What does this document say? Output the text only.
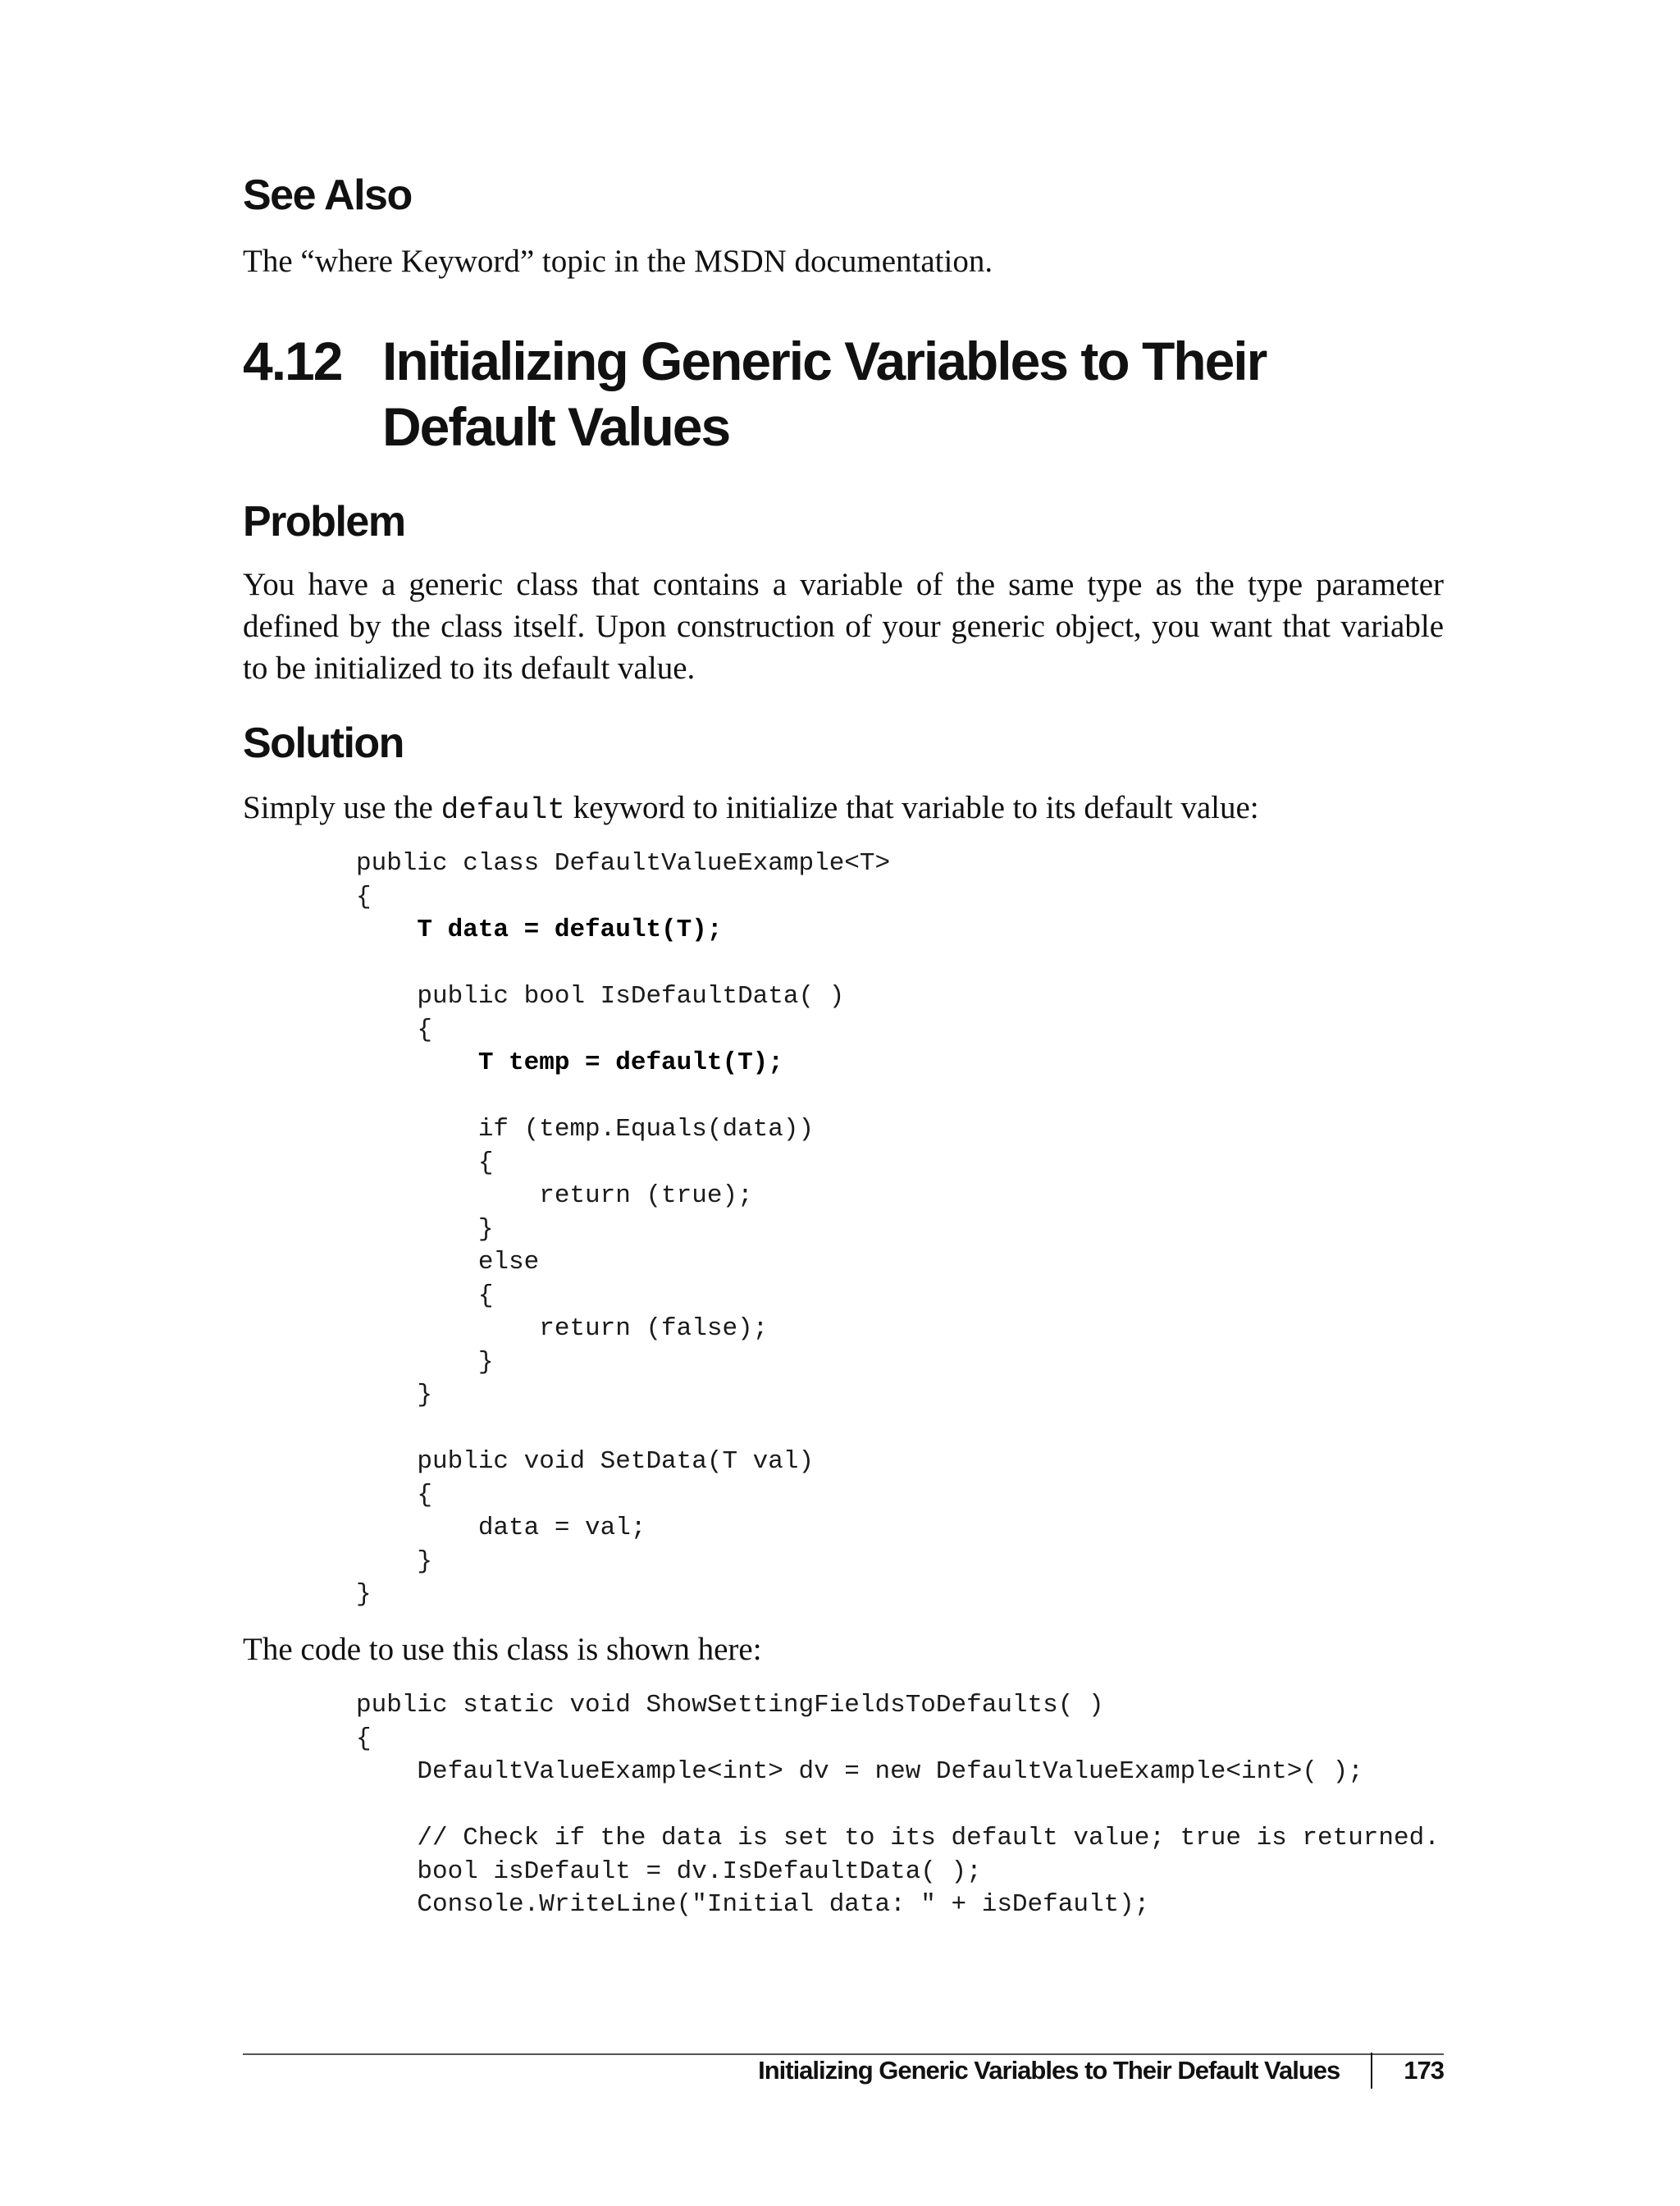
See Also

The “where Keyword” topic in the MSDN documentation.

4.12 Initializing Generic Variables to Their Default Values
Problem

You have a generic class that contains a variable of the same type as the type parameter defined by the class itself. Upon construction of your generic object, you want that variable to be initialized to its default value.

Solution

Simply use the default keyword to initialize that variable to its default value:

public class DefaultValueExample<T>
{
T data = default(T);
public bool IsDefaultData( )
{
T temp = default(T);
if (temp.Equals(data))
{
return (true);
}
else
{
return (false);
}
}
public void SetData(T val)
{
data = val;
}
}

The code to use this class is shown here:

public static void ShowSettingFieldsToDefaults( )
{
DefaultValueExample<int> dv = new DefaultValueExample<int>( );
// Check if the data is set to its default value; true is returned.
bool isDefault = dv.IsDefaultData( );
Console.WriteLine("Initial data: " + isDefault);
Initializing Generic Variables to Their Default Values	173
